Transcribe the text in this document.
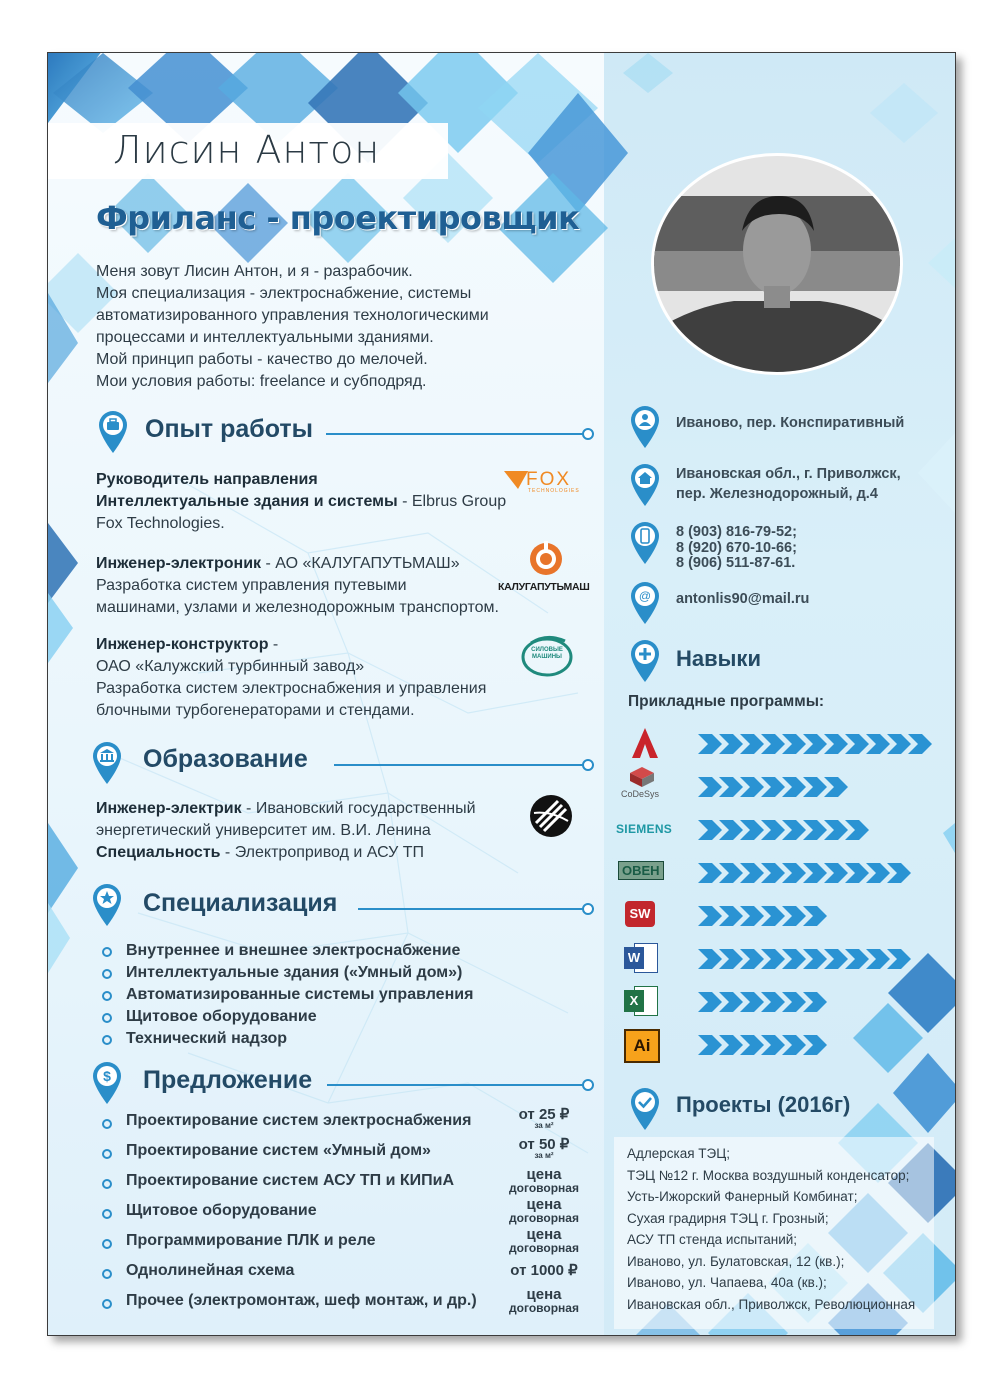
Лисин Антон
Фриланс - проектировщик
Меня зовут Лисин Антон, и я - разрабочик.
Моя специализация - электроснабжение, системы
автоматизированного управления технологическими
процессами и интеллектуальными зданиями.
Мой принцип работы - качество до мелочей.
Мои условия работы: freelance и субподряд.
Опыт работы
Руководитель направления
Интеллектуальные здания и системы - Elbrus Group
Fox Technologies.
FOX
TECHNOLOGIES
Инженер-электроник - АО «КАЛУГАПУТЬМАШ»
Разработка систем управления путевыми
машинами, узлами и железнодорожным транспортом.
КАЛУГАПУТЬМАШ
Инженер-конструктор -
ОАО «Калужский турбинный завод»
Разработка систем электроснабжения и управления
блочными турбогенераторами и стендами.
СИЛОВЫЕ МАШИНЫ
Образование
Инженер-электрик - Ивановский государственный
энергетический университет им. В.И. Ленина
Специальность - Электропривод и АСУ ТП
Специализация
Внутреннее и внешнее электроснабжение
Интеллектуальные здания («Умный дом»)
Автоматизированные системы управления
Щитовое оборудование
Технический надзор
$ Предложение
Проектирование систем электроснабжения	от 25 ₽
за м²
Проектирование систем «Умный дом»	от 50 ₽
за м²
Проектирование систем АСУ ТП и КИПиА	цена
договорная
Щитовое оборудование	цена
договорная
Программирование ПЛК и реле	цена
договорная
Однолинейная схема	от 1000 ₽
Прочее (электромонтаж, шеф монтаж, и др.)	цена
договорная
Иваново, пер. Конспиративный
Ивановская обл., г. Приволжск,
пер. Железнодорожный, д.4
8 (903) 816-79-52;
8 (920) 670-10-66;
8 (906) 511-87-61.
@ antonlis90@mail.ru
Навыки
Прикладные программы:
CoDeSys
SIEMENS
ОВЕН
SW
W
X
Ai
Проекты (2016г)
Адлерская ТЭЦ;
ТЭЦ №12 г. Москва воздушный конденсатор;
Усть-Ижорский Фанерный Комбинат;
Сухая градирня ТЭЦ г. Грозный;
АСУ ТП стенда испытаний;
Иваново, ул. Булатовская, 12 (кв.);
Иваново, ул. Чапаева, 40а (кв.);
Ивановская обл., Приволжск, Революционная
